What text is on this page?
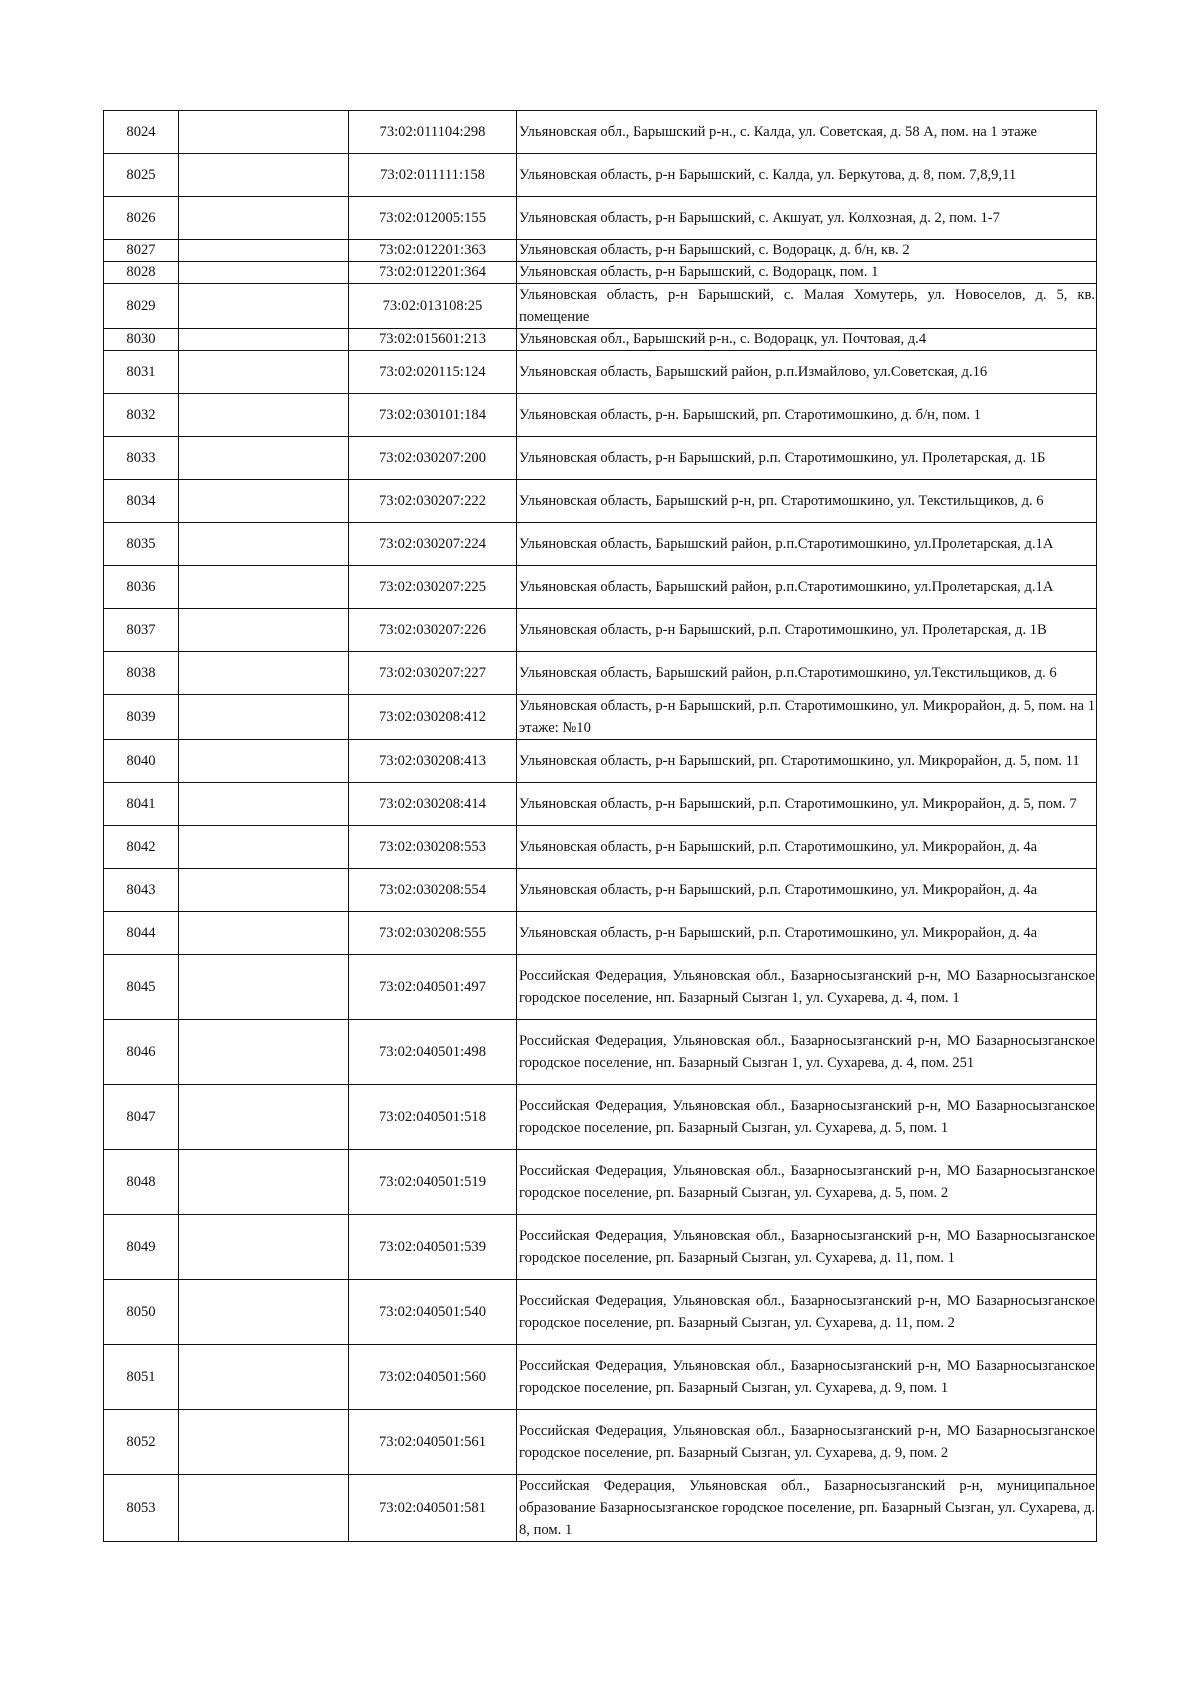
8024		73:02:011104:298	Ульяновская обл., Барышский р-н., с. Калда, ул. Советская, д. 58 А, пом. на 1 этаже
8025		73:02:011111:158	Ульяновская область, р-н Барышский, с. Калда, ул. Беркутова, д. 8, пом. 7,8,9,11
8026		73:02:012005:155	Ульяновская область, р-н Барышский, с. Акшуат, ул. Колхозная, д. 2, пом. 1-7
8027		73:02:012201:363	Ульяновская область, р-н Барышский, с. Водорацк, д. б/н, кв. 2
8028		73:02:012201:364	Ульяновская область, р-н Барышский, с. Водорацк, пом. 1
8029		73:02:013108:25	Ульяновская область, р-н Барышский, с. Малая Хомутерь, ул. Новоселов, д. 5, кв. помещение
8030		73:02:015601:213	Ульяновская обл., Барышский р-н., с. Водорацк, ул. Почтовая, д.4
8031		73:02:020115:124	Ульяновская область, Барышский район, р.п.Измайлово, ул.Советская, д.16
8032		73:02:030101:184	Ульяновская область, р-н. Барышский, рп. Старотимошкино, д. б/н, пом. 1
8033		73:02:030207:200	Ульяновская область, р-н Барышский, р.п. Старотимошкино, ул. Пролетарская, д. 1Б
8034		73:02:030207:222	Ульяновская область, Барышский р-н, рп. Старотимошкино, ул. Текстильщиков, д. 6
8035		73:02:030207:224	Ульяновская область, Барышский район, р.п.Старотимошкино, ул.Пролетарская, д.1А
8036		73:02:030207:225	Ульяновская область, Барышский район, р.п.Старотимошкино, ул.Пролетарская, д.1А
8037		73:02:030207:226	Ульяновская область, р-н Барышский, р.п. Старотимошкино, ул. Пролетарская, д. 1В
8038		73:02:030207:227	Ульяновская область, Барышский район, р.п.Старотимошкино, ул.Текстильщиков, д. 6
8039		73:02:030208:412	Ульяновская область, р-н Барышский, р.п. Старотимошкино, ул. Микрорайон, д. 5, пом. на 1 этаже: №10
8040		73:02:030208:413	Ульяновская область, р-н Барышский, рп. Старотимошкино, ул. Микрорайон, д. 5, пом. 11
8041		73:02:030208:414	Ульяновская область, р-н Барышский, р.п. Старотимошкино, ул. Микрорайон, д. 5, пом. 7
8042		73:02:030208:553	Ульяновская область, р-н Барышский, р.п. Старотимошкино, ул. Микрорайон, д. 4а
8043		73:02:030208:554	Ульяновская область, р-н Барышский, р.п. Старотимошкино, ул. Микрорайон, д. 4а
8044		73:02:030208:555	Ульяновская область, р-н Барышский, р.п. Старотимошкино, ул. Микрорайон, д. 4а
8045		73:02:040501:497	Российская Федерация, Ульяновская обл., Базарносызганский р-н, МО Базарносызганское городское поселение, нп. Базарный Сызган 1, ул. Сухарева, д. 4, пом. 1
8046		73:02:040501:498	Российская Федерация, Ульяновская обл., Базарносызганский р-н, МО Базарносызганское городское поселение, нп. Базарный Сызган 1, ул. Сухарева, д. 4, пом. 251
8047		73:02:040501:518	Российская Федерация, Ульяновская обл., Базарносызганский р-н, МО Базарносызганское городское поселение, рп. Базарный Сызган, ул. Сухарева, д. 5, пом. 1
8048		73:02:040501:519	Российская Федерация, Ульяновская обл., Базарносызганский р-н, МО Базарносызганское городское поселение, рп. Базарный Сызган, ул. Сухарева, д. 5, пом. 2
8049		73:02:040501:539	Российская Федерация, Ульяновская обл., Базарносызганский р-н, МО Базарносызганское городское поселение, рп. Базарный Сызган, ул. Сухарева, д. 11, пом. 1
8050		73:02:040501:540	Российская Федерация, Ульяновская обл., Базарносызганский р-н, МО Базарносызганское городское поселение, рп. Базарный Сызган, ул. Сухарева, д. 11, пом. 2
8051		73:02:040501:560	Российская Федерация, Ульяновская обл., Базарносызганский р-н, МО Базарносызганское городское поселение, рп. Базарный Сызган, ул. Сухарева, д. 9, пом. 1
8052		73:02:040501:561	Российская Федерация, Ульяновская обл., Базарносызганский р-н, МО Базарносызганское городское поселение, рп. Базарный Сызган, ул. Сухарева, д. 9, пом. 2
8053		73:02:040501:581	Российская Федерация, Ульяновская обл., Базарносызганский р-н, муниципальное образование Базарносызганское городское поселение, рп. Базарный Сызган, ул. Сухарева, д. 8, пом. 1
